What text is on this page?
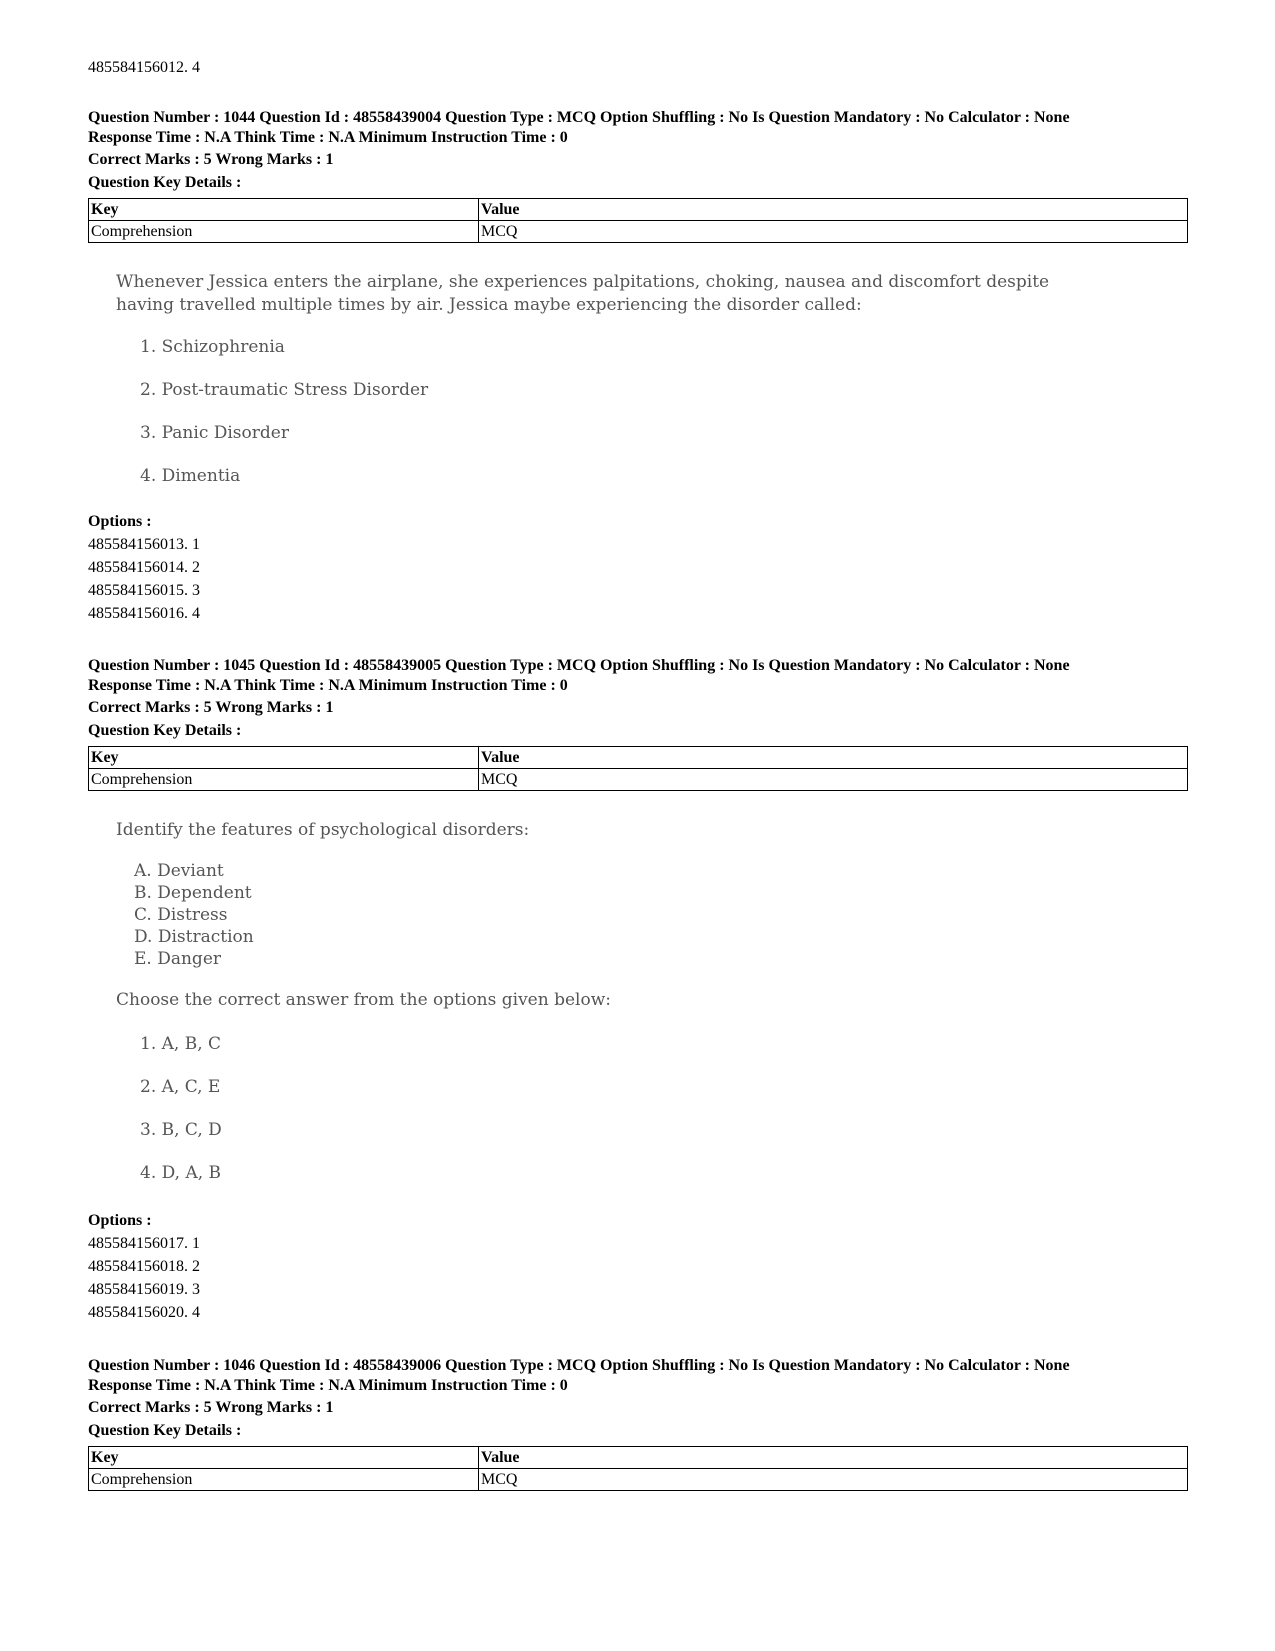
485584156012. 4

Question Number : 1044 Question Id : 48558439004 Question Type : MCQ Option Shuffling : No Is Question Mandatory : No Calculator : None

Response Time : N.A Think Time : N.A Minimum Instruction Time : 0

Correct Marks : 5 Wrong Marks : 1

Question Key Details :

Key	Value
Comprehension	MCQ
Whenever Jessica enters the airplane, she experiences palpitations, choking, nausea and discomfort despite
having travelled multiple times by air. Jessica maybe experiencing the disorder called:
1. Schizophrenia
2. Post-traumatic Stress Disorder
3. Panic Disorder
4. Dimentia

Options :

485584156013. 1

485584156014. 2

485584156015. 3

485584156016. 4

Question Number : 1045 Question Id : 48558439005 Question Type : MCQ Option Shuffling : No Is Question Mandatory : No Calculator : None

Response Time : N.A Think Time : N.A Minimum Instruction Time : 0

Correct Marks : 5 Wrong Marks : 1

Question Key Details :

Key	Value
Comprehension	MCQ
Identify the features of psychological disorders:
A. Deviant
B. Dependent
C. Distress
D. Distraction
E. Danger
Choose the correct answer from the options given below:
1. A, B, C
2. A, C, E
3. B, C, D
4. D, A, B

Options :

485584156017. 1

485584156018. 2

485584156019. 3

485584156020. 4

Question Number : 1046 Question Id : 48558439006 Question Type : MCQ Option Shuffling : No Is Question Mandatory : No Calculator : None

Response Time : N.A Think Time : N.A Minimum Instruction Time : 0

Correct Marks : 5 Wrong Marks : 1

Question Key Details :

Key	Value
Comprehension	MCQ
